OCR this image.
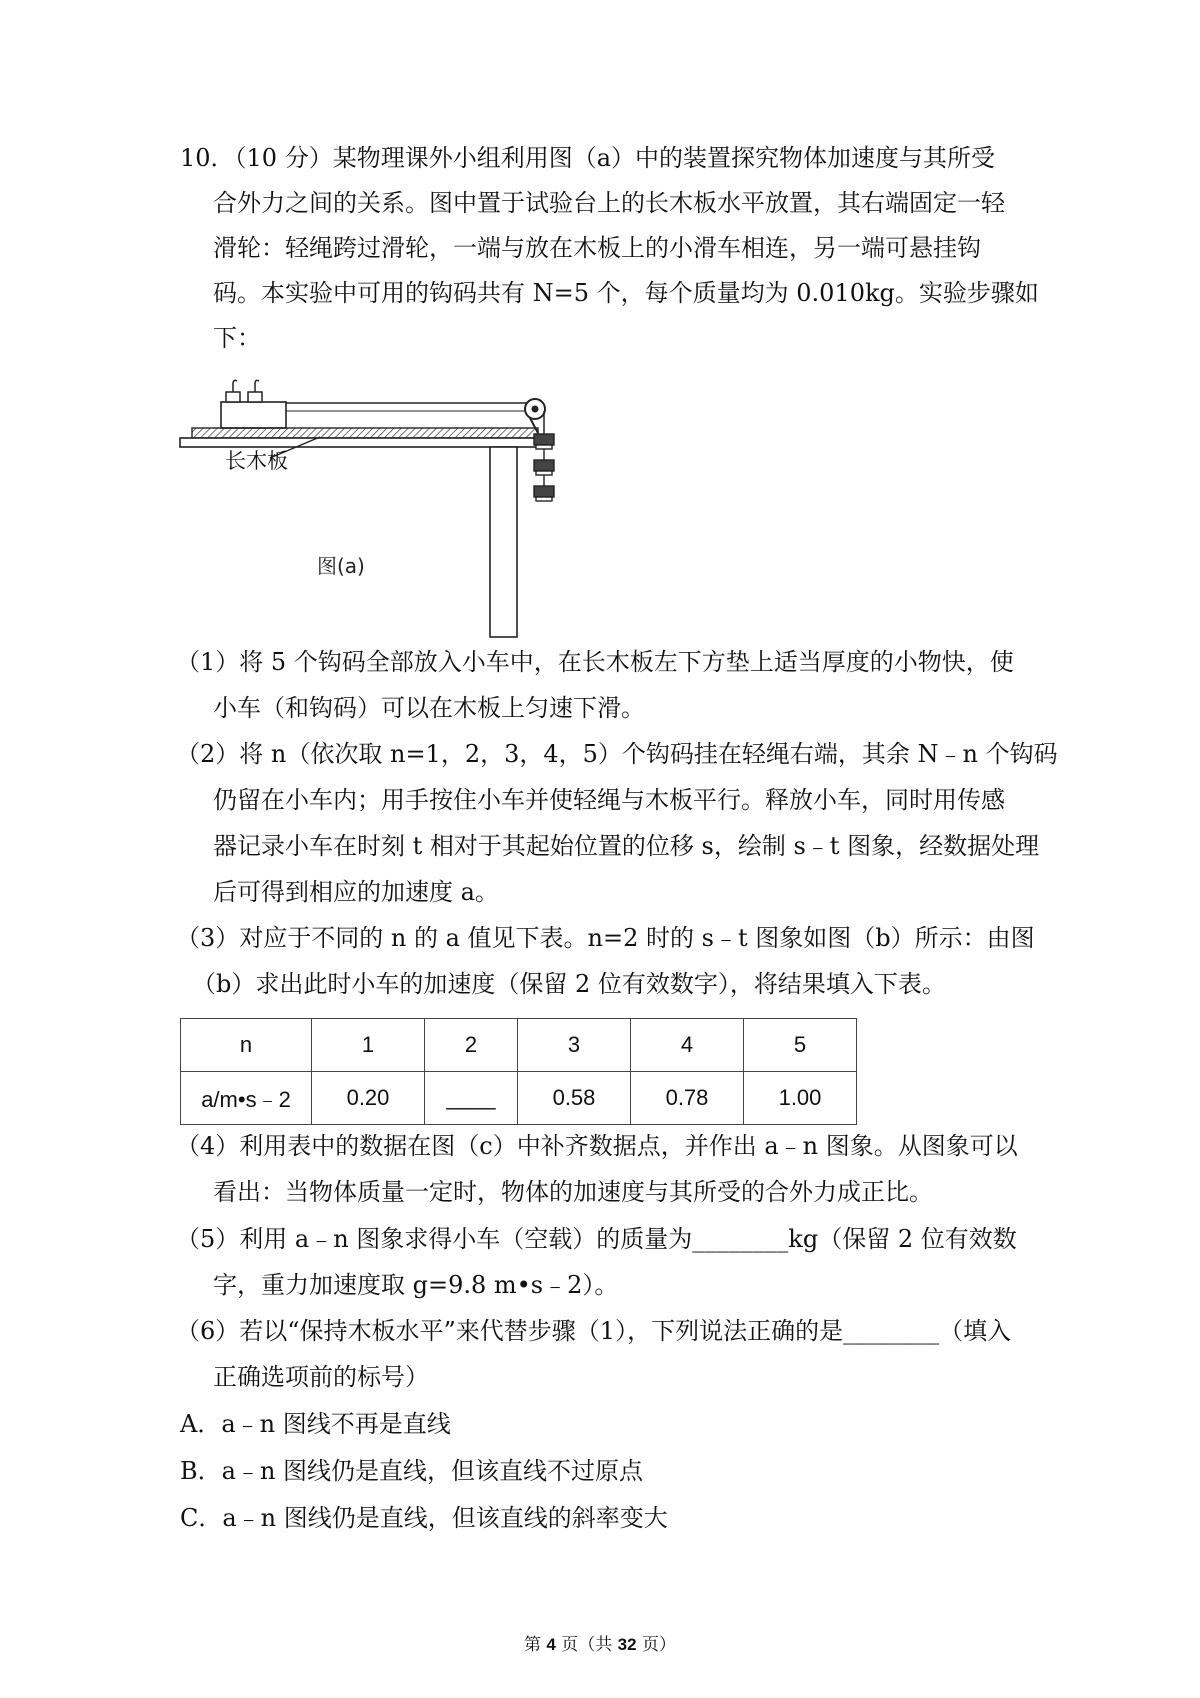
10．（10 分）某物理课外小组利用图（a）中的装置探究物体加速度与其所受
合外力之间的关系。图中置于试验台上的长木板水平放置，其右端固定一轻
滑轮：轻绳跨过滑轮，一端与放在木板上的小滑车相连，另一端可悬挂钩
码。本实验中可用的钩码共有 N=5 个，每个质量均为 0.010kg。实验步骤如
下：
长木板
图(a)
（1）将 5 个钩码全部放入小车中，在长木板左下方垫上适当厚度的小物快，使
小车（和钩码）可以在木板上匀速下滑。
（2）将 n（依次取 n=1，2，3，4，5）个钩码挂在轻绳右端，其余 N﹣n 个钩码
仍留在小车内；用手按住小车并使轻绳与木板平行。释放小车，同时用传感
器记录小车在时刻 t 相对于其起始位置的位移 s，绘制 s﹣t 图象，经数据处理
后可得到相应的加速度 a。
（3）对应于不同的 n 的 a 值见下表。n=2 时的 s﹣t 图象如图（b）所示：由图
（b）求出此时小车的加速度（保留 2 位有效数字），将结果填入下表。
n	1	2	3	4	5
a/m•s﹣2	0.20	____	0.58	0.78	1.00
（4）利用表中的数据在图（c）中补齐数据点，并作出 a﹣n 图象。从图象可以
看出：当物体质量一定时，物体的加速度与其所受的合外力成正比。
（5）利用 a﹣n 图象求得小车（空载）的质量为________kg（保留 2 位有效数
字，重力加速度取 g=9.8 m•s﹣2）。
（6）若以“保持木板水平”来代替步骤（1），下列说法正确的是________（填入
正确选项前的标号）
A．a﹣n 图线不再是直线
B．a﹣n 图线仍是直线，但该直线不过原点
C．a﹣n 图线仍是直线，但该直线的斜率变大
第 4 页（共 32 页）
